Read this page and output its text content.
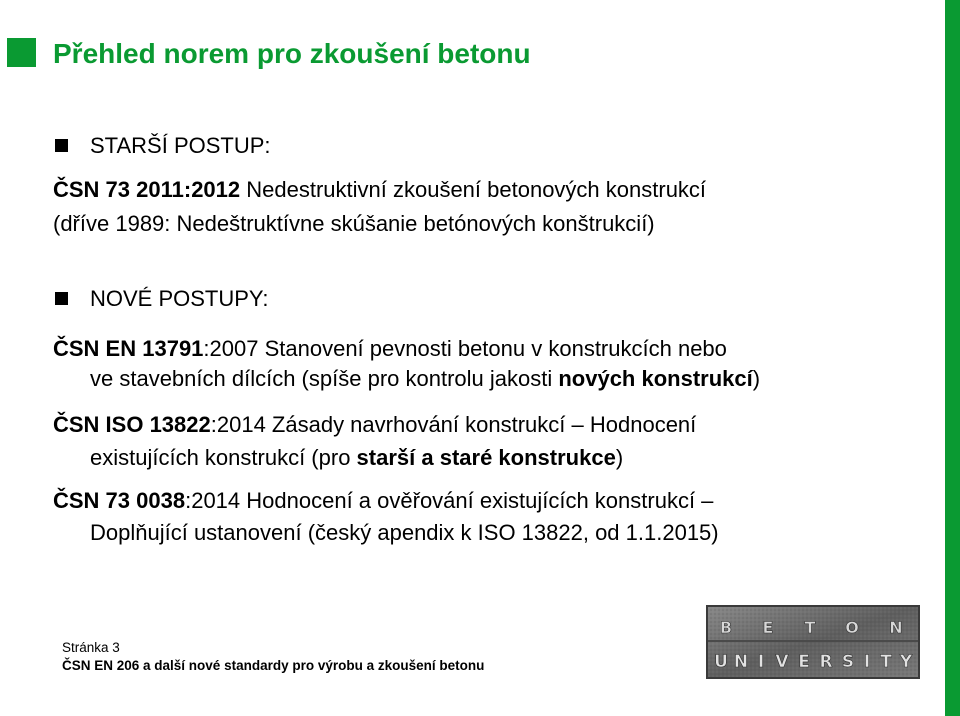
Přehled norem pro zkoušení betonu
STARŠÍ POSTUP:
ČSN 73 2011:2012 Nedestruktivní zkoušení betonových konstrukcí
(dříve 1989: Nedeštruktívne skúšanie betónových konštrukcií)
NOVÉ POSTUPY:
ČSN EN 13791:2007 Stanovení pevnosti betonu v konstrukcích nebo
ve stavebních dílcích (spíše pro kontrolu jakosti nových konstrukcí)
ČSN ISO 13822:2014 Zásady navrhování konstrukcí – Hodnocení
existujících konstrukcí (pro starší a staré konstrukce)
ČSN 73 0038:2014 Hodnocení a ověřování existujících konstrukcí –
Doplňující ustanovení (český apendix k ISO 13822, od 1.1.2015)
Stránka 3
ČSN EN 206 a další nové standardy pro výrobu a zkoušení betonu
B E T O N
U N I V E R S I T Y
